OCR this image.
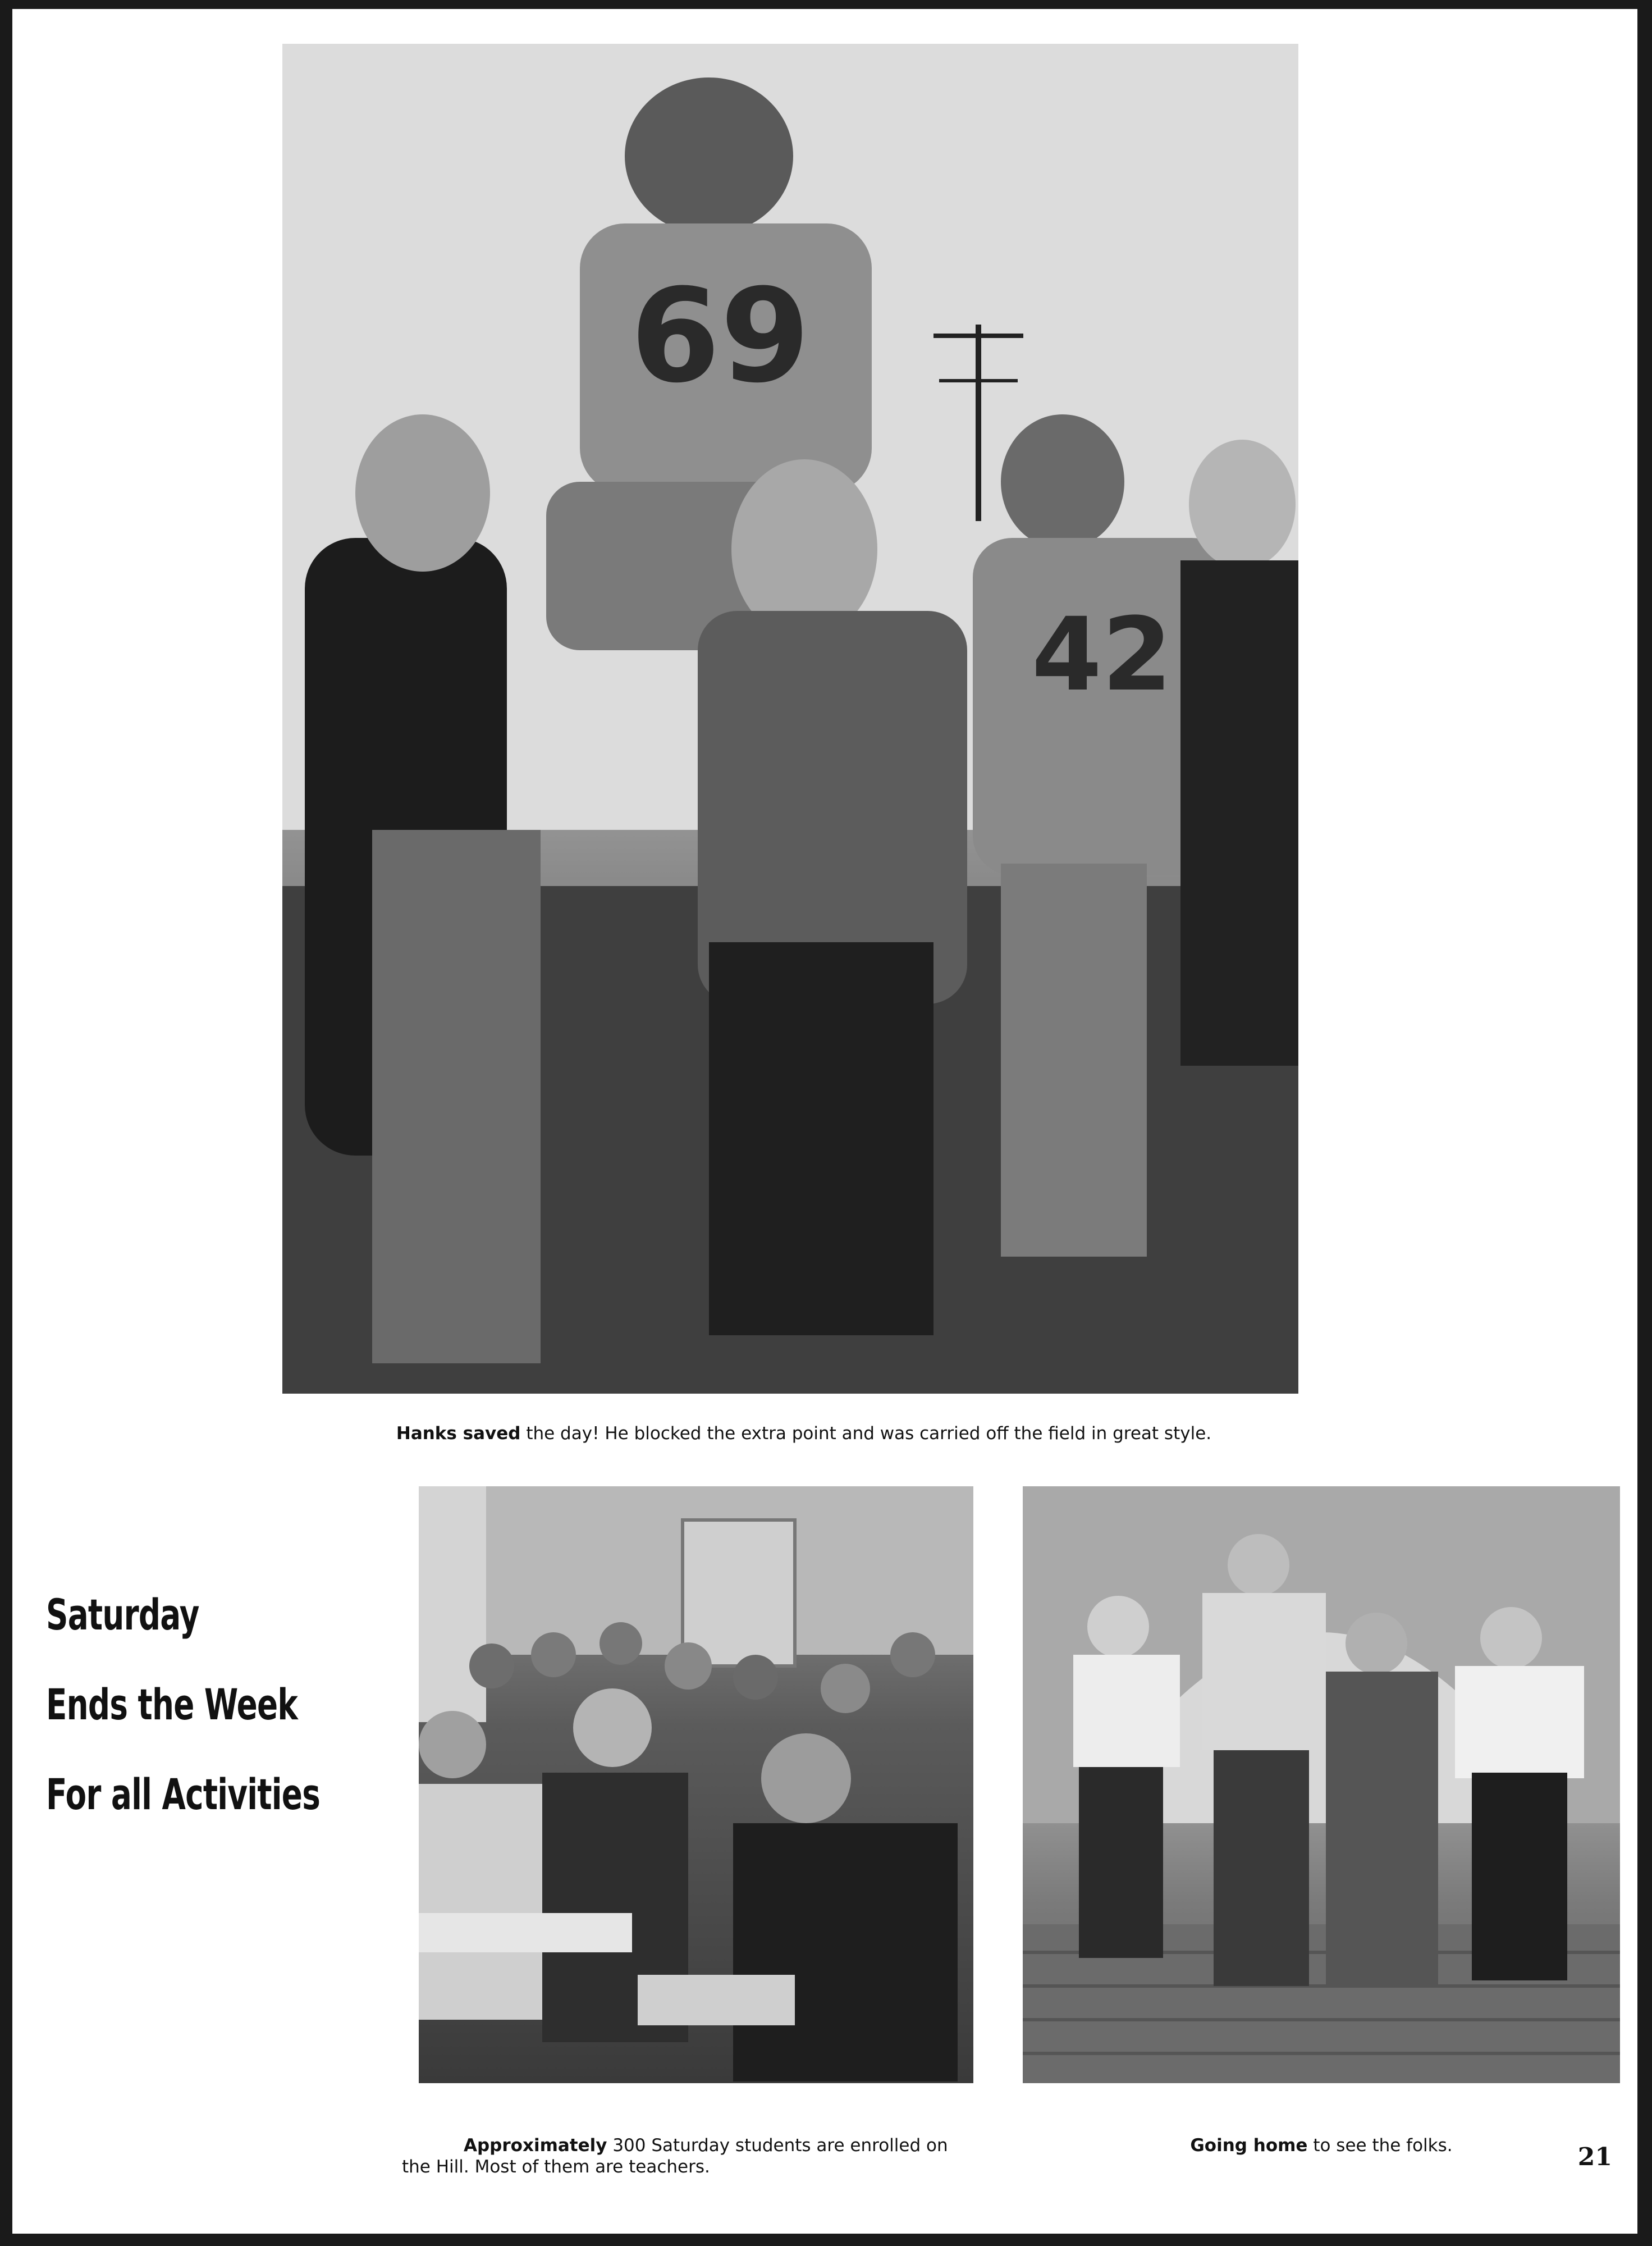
69
42

Hanks saved the day! He blocked the extra point and was carried off the field in great style.

Saturday
Ends the Week
For all Activities

Approximately 300 Saturday students are enrolled on
the Hill. Most of them are teachers.

Going home to see the folks.	21
